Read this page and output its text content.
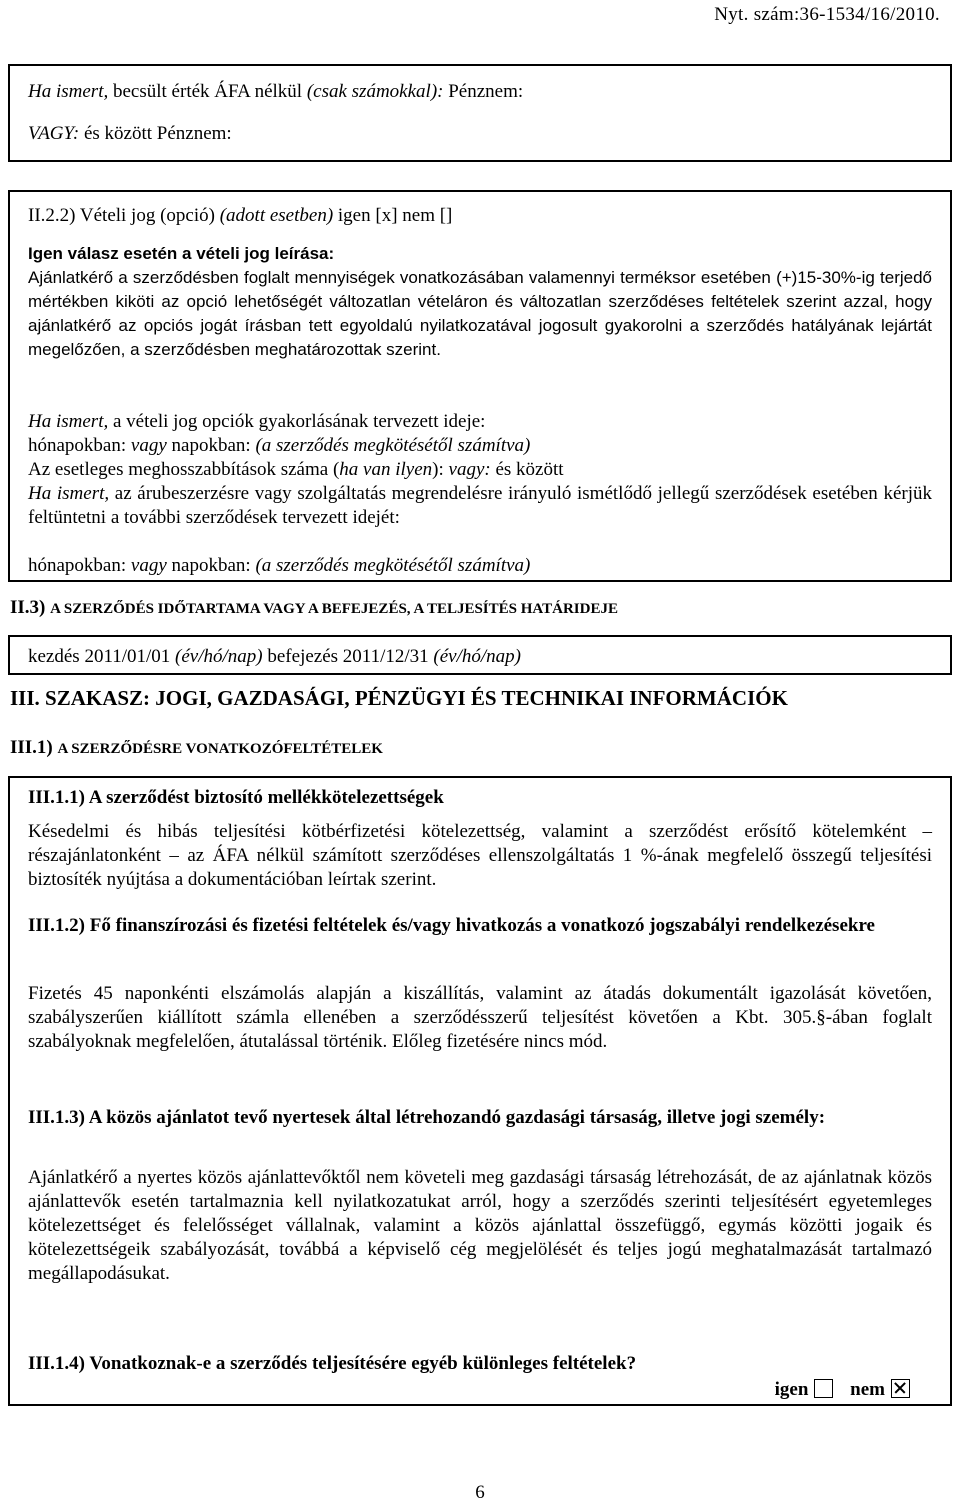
Nyt. szám:36-1534/16/2010.
Ha ismert, becsült érték ÁFA nélkül (csak számokkal): Pénznem:
VAGY: és között Pénznem:
II.2.2) Vételi jog (opció) (adott esetben) igen [x] nem []
Igen válasz esetén a vételi jog leírása:
Ajánlatkérő a szerződésben foglalt mennyiségek vonatkozásában valamennyi terméksor esetében (+)15-30%-ig terjedő mértékben kiköti az opció lehetőségét változatlan vételáron és változatlan szerződéses feltételek szerint azzal, hogy ajánlatkérő az opciós jogát írásban tett egyoldalú nyilatkozatával jogosult gyakorolni a szerződés hatályának lejártát megelőzően, a szerződésben meghatározottak szerint.
Ha ismert, a vételi jog opciók gyakorlásának tervezett ideje:
hónapokban: vagy napokban: (a szerződés megkötésétől számítva)
Az esetleges meghosszabbítások száma (ha van ilyen): vagy: és között
Ha ismert, az árubeszerzésre vagy szolgáltatás megrendelésre irányuló ismétlődő jellegű szerződések esetében kérjük feltüntetni a további szerződések tervezett idejét:
hónapokban: vagy napokban: (a szerződés megkötésétől számítva)
II.3) A SZERZŐDÉS IDŐTARTAMA VAGY A BEFEJEZÉS, A TELJESÍTÉS HATÁRIDEJE
kezdés 2011/01/01 (év/hó/nap) befejezés 2011/12/31 (év/hó/nap)
III. SZAKASZ: JOGI, GAZDASÁGI, PÉNZÜGYI ÉS TECHNIKAI INFORMÁCIÓK
III.1) A SZERZŐDÉSRE VONATKOZÓFELTÉTELEK
III.1.1) A szerződést biztosító mellékkötelezettségek
Késedelmi és hibás teljesítési kötbérfizetési kötelezettség, valamint a szerződést erősítő kötelemként – részajánlatonként – az ÁFA nélkül számított szerződéses ellenszolgáltatás 1 %-ának megfelelő összegű teljesítési biztosíték nyújtása a dokumentációban leírtak szerint.
III.1.2) Fő finanszírozási és fizetési feltételek és/vagy hivatkozás a vonatkozó jogszabályi rendelkezésekre
Fizetés 45 naponkénti elszámolás alapján a kiszállítás, valamint az átadás dokumentált igazolását követően, szabályszerűen kiállított számla ellenében a szerződésszerű teljesítést követően a Kbt. 305.§-ában foglalt szabályoknak megfelelően, átutalással történik. Előleg fizetésére nincs mód.
III.1.3) A közös ajánlatot tevő nyertesek által létrehozandó gazdasági társaság, illetve jogi személy:
Ajánlatkérő a nyertes közös ajánlattevőktől nem követeli meg gazdasági társaság létrehozását, de az ajánlatnak közös ajánlattevők esetén tartalmaznia kell nyilatkozatukat arról, hogy a szerződés szerinti teljesítésért egyetemleges kötelezettséget és felelősséget vállalnak, valamint a közös ajánlattal összefüggő, egymás közötti jogaik és kötelezettségeik szabályozását, továbbá a képviselő cég megjelölését és teljes jogú meghatalmazását tartalmazó megállapodásukat.
III.1.4) Vonatkoznak-e a szerződés teljesítésére egyéb különleges feltételek?
igen nem
6
